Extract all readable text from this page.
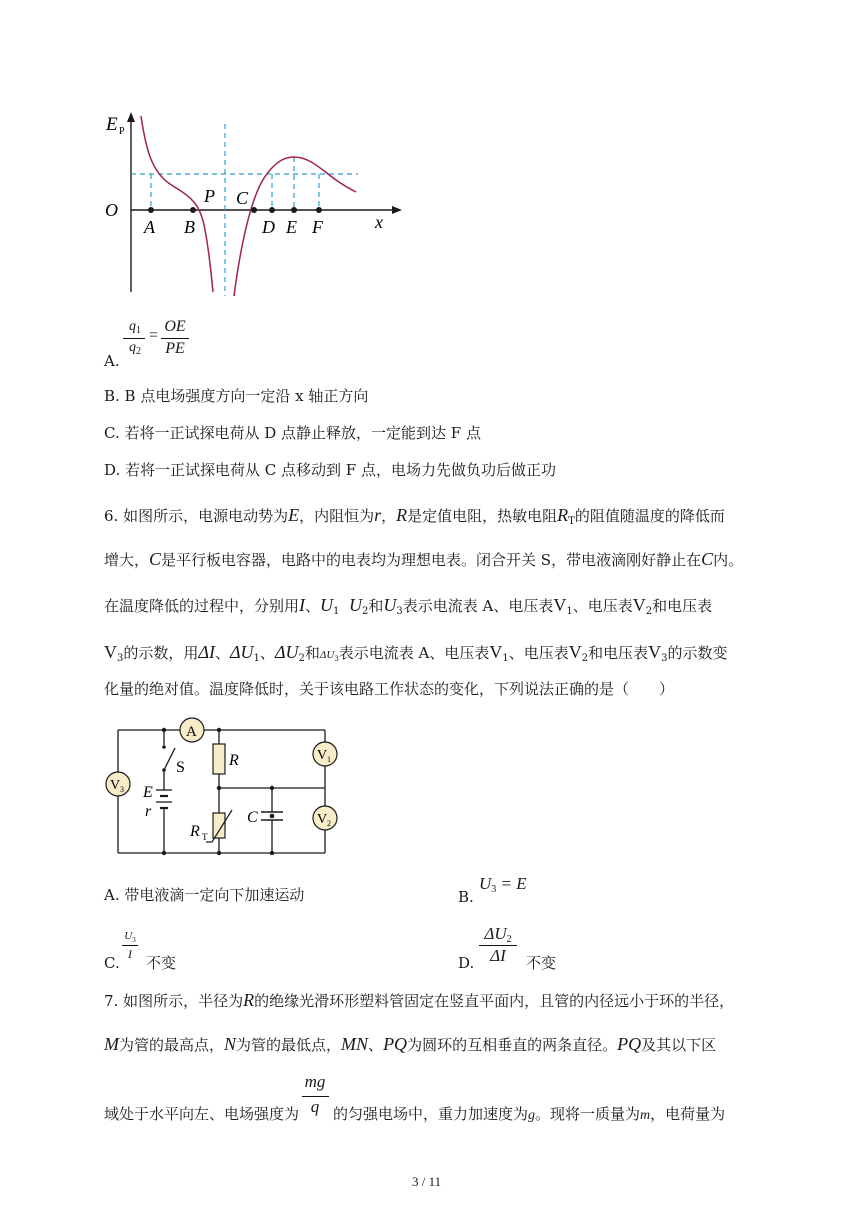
E P
O
x
A B
P C
D E F
A.
$q_1$
$q_2$
=
OE
PE
B. B 点电场强度方向一定沿 x 轴正方向
C. 若将一正试探电荷从 D 点静止释放，一定能到达 F 点
D. 若将一正试探电荷从 C 点移动到 F 点，电场力先做负功后做正功
6. 如图所示，电源电动势为E，内阻恒为r，R是定值电阻，热敏电阻$R_T$的阻值随温度的降低而
增大，C是平行板电容器，电路中的电表均为理想电表。闭合开关 S，带电液滴刚好静止在C内。
在温度降低的过程中，分别用I、$U_1$ $U_2$和$U_3$表示电流表 A、电压表$V_1$、电压表$V_2$和电压表
$V_3$的示数，用ΔI、$\Delta U_1$、$\Delta U_2$和$\Delta U_3$表示电流表 A、电压表$V_1$、电压表$V_2$和电压表$V_3$的示数变
化量的绝对值。温度降低时，关于该电路工作状态的变化，下列说法正确的是（　　）
A
V 1
V 2
V 3
S
E
r
R
R T
C
A. 带电液滴一定向下加速运动	B.
$U_3 = E$
C.
$U_3$
I 不变	D.
$\Delta U_2$
ΔI	不变
7. 如图所示，半径为R的绝缘光滑环形塑料管固定在竖直平面内，且管的内径远小于环的半径，
M为管的最高点，N为管的最低点，MN、PQ为圆环的互相垂直的两条直径。PQ及其以下区
mg
q
域处于水平向左、电场强度为 的匀强电场中，重力加速度为g。现将一质量为m，电荷量为
3 / 11
